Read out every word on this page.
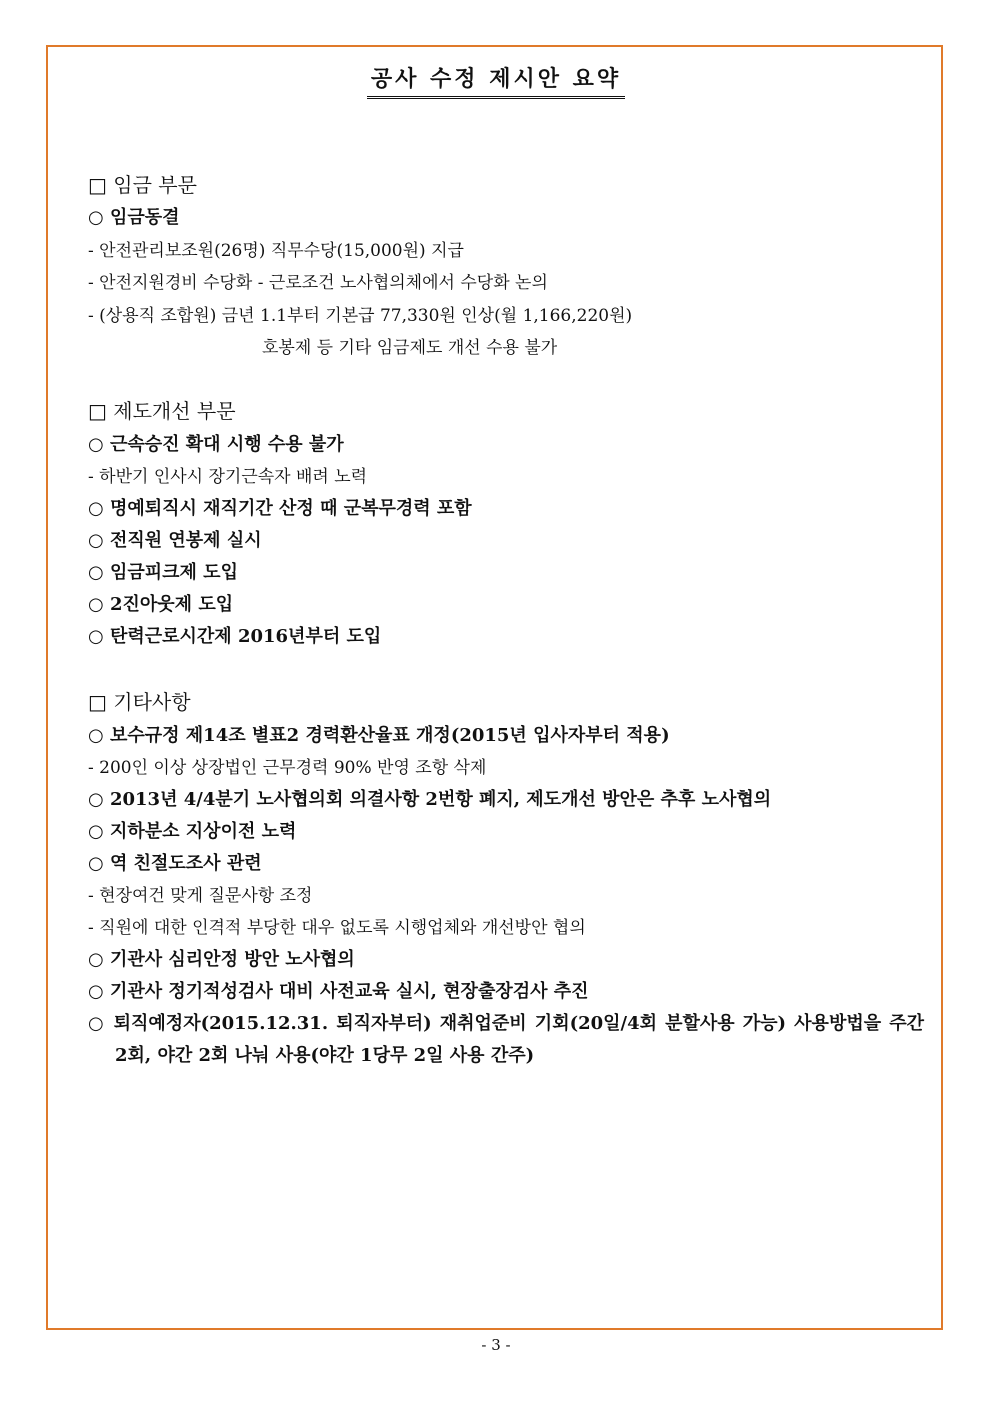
공사 수정 제시안 요약
□ 임금 부문
○ 임금동결
- 안전관리보조원(26명) 직무수당(15,000원) 지급
- 안전지원경비 수당화 - 근로조건 노사협의체에서 수당화 논의
- (상용직 조합원) 금년 1.1부터 기본급 77,330원 인상(월 1,166,220원)
호봉제 등 기타 임금제도 개선 수용 불가
□ 제도개선 부문
○ 근속승진 확대 시행 수용 불가
- 하반기 인사시 장기근속자 배려 노력
○ 명예퇴직시 재직기간 산정 때 군복무경력 포함
○ 전직원 연봉제 실시
○ 임금피크제 도입
○ 2진아웃제 도입
○ 탄력근로시간제 2016년부터 도입
□ 기타사항
○ 보수규정 제14조 별표2 경력환산율표 개정(2015년 입사자부터 적용)
- 200인 이상 상장법인 근무경력 90% 반영 조항 삭제
○ 2013년 4/4분기 노사협의회 의결사항 2번항 폐지, 제도개선 방안은 추후 노사협의
○ 지하분소 지상이전 노력
○ 역 친절도조사 관련
- 현장여건 맞게 질문사항 조정
- 직원에 대한 인격적 부당한 대우 없도록 시행업체와 개선방안 협의
○ 기관사 심리안정 방안 노사협의
○ 기관사 정기적성검사 대비 사전교육 실시, 현장출장검사 추진
○ 퇴직예정자(2015.12.31. 퇴직자부터) 재취업준비 기회(20일/4회 분할사용 가능) 사용방법을 주간 2회, 야간 2회 나눠 사용(야간 1당무 2일 사용 간주)
- 3 -
